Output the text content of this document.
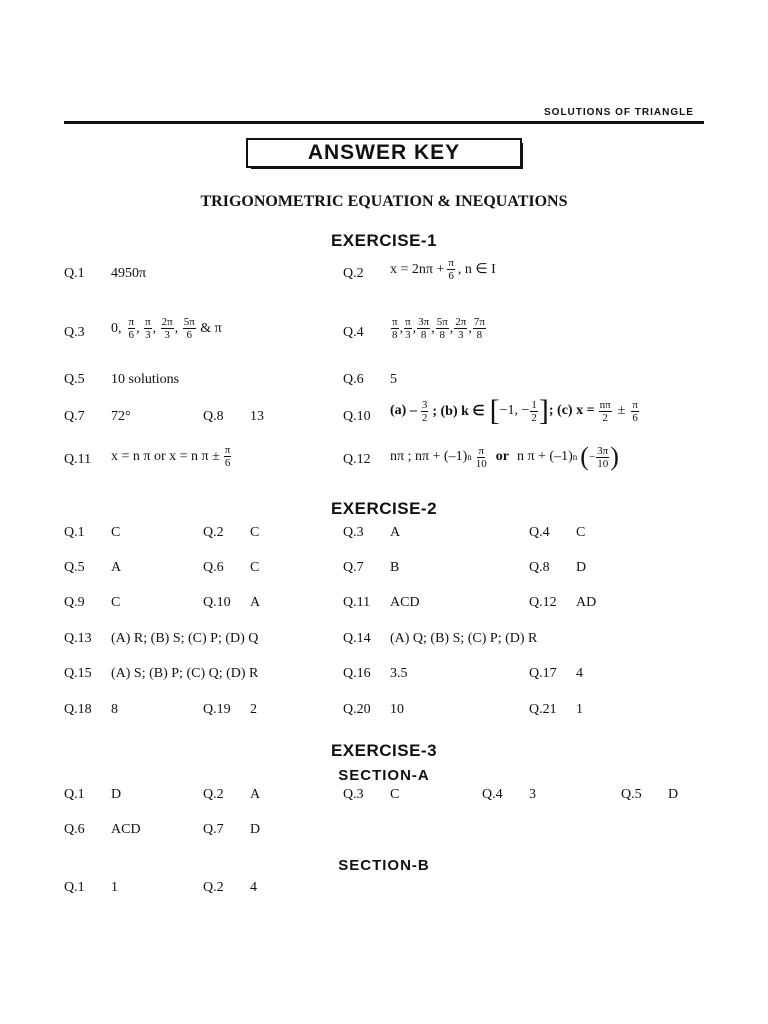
SOLUTIONS OF TRIANGLE
ANSWER KEY
TRIGONOMETRIC EQUATION & INEQUATIONS
EXERCISE-1
Q.1 4950π	Q.2 $x = 2n\pi + \frac{\pi}{6}$ , n ∈ I
Q.3 0, $\frac{\pi}{6}$ , $\frac{\pi}{3}$ , $\frac{2\pi}{3}$ , $\frac{5\pi}{6}$
& π	$Q.4 \frac{\pi}{8}$ , $\frac{\pi}{3}$ , $\frac{3\pi}{8}$ , $\frac{5\pi}{8}$ , $\frac{2\pi}{3}$ , $\frac{7\pi}{8}$
Q.5 10 solutions	Q.6 5
Q.7 72°	Q.8 13	Q.10 $(a) - \frac{3}{2}$ ; (b) k ∈ [ −1, − $\frac{1}{2}$ ] ; (c) $x = \frac{n\pi}{2} \pm \frac{\pi}{6}$
Q.11 x = n π or x = n $\pi \pm \frac{\pi}{6}$	Q.12 nπ ; nπ + (–1) n $\frac{\pi}{10}$ or n π + (–1) n ( − $\frac{3\pi}{10}$ )
EXERCISE-2
Q.1 C	Q.2 C	Q.3 A	Q.4 C
Q.5 A	Q.6 C	Q.7 B	Q.8 D
Q.9 C	Q.10 A	Q.11 ACD	Q.12 AD
Q.13 (A) R; (B) S; (C) P; (D) Q	Q.14 (A) Q; (B) S; (C) P; (D) R
Q.15 (A) S; (B) P; (C) Q; (D) R	Q.16 3.5	Q.17 4
Q.18 8	Q.19 2	Q.20 10	Q.21 1
EXERCISE-3
SECTION-A
Q.1 D	Q.2 A	Q.3 C	Q.4 3	Q.5 D
Q.6 ACD	Q.7 D
SECTION-B
Q.1 1	Q.2 4
